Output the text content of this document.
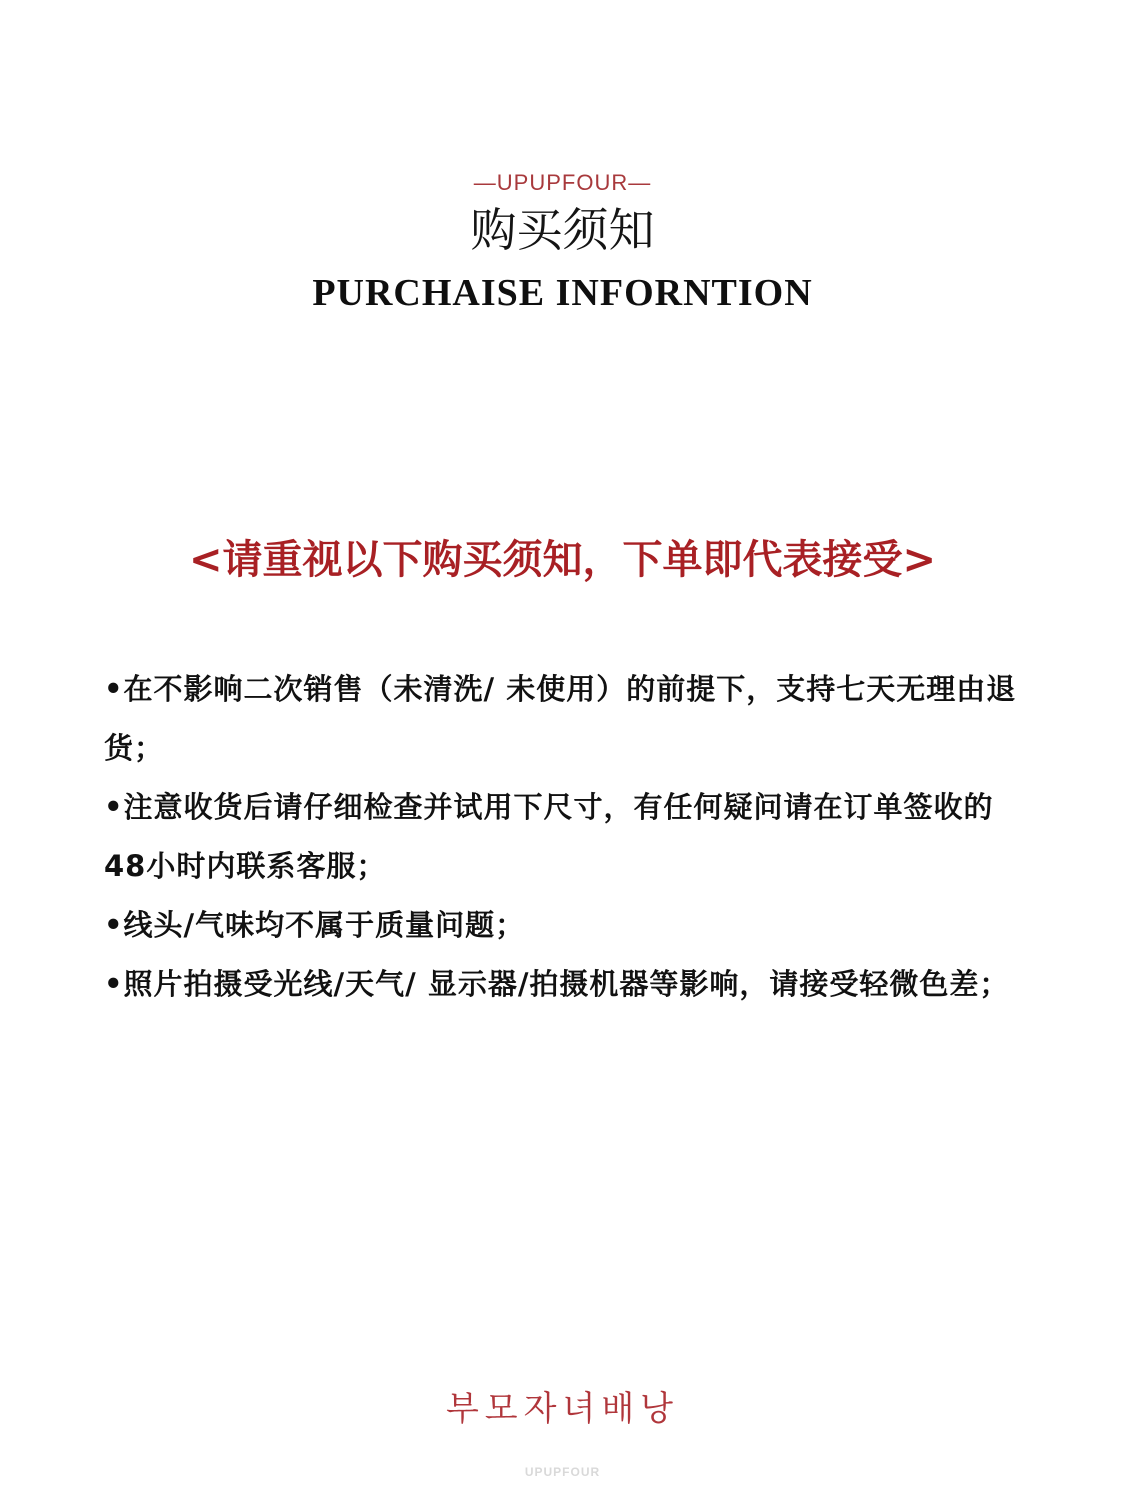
—UPUPFOUR—
购买须知
PURCHAISE INFORNTION
<请重视以下购买须知，下单即代表接受>
•在不影响二次销售（未清洗/ 未使用）的前提下，支持七天无理由退货；
•注意收货后请仔细检查并试用下尺寸，有任何疑问请在订单签收的48小时内联系客服；
•线头/气味均不属于质量问题；
•照片拍摄受光线/天气/ 显示器/拍摄机器等影响，请接受轻微色差；
부모자녀배낭
UPUPFOUR
